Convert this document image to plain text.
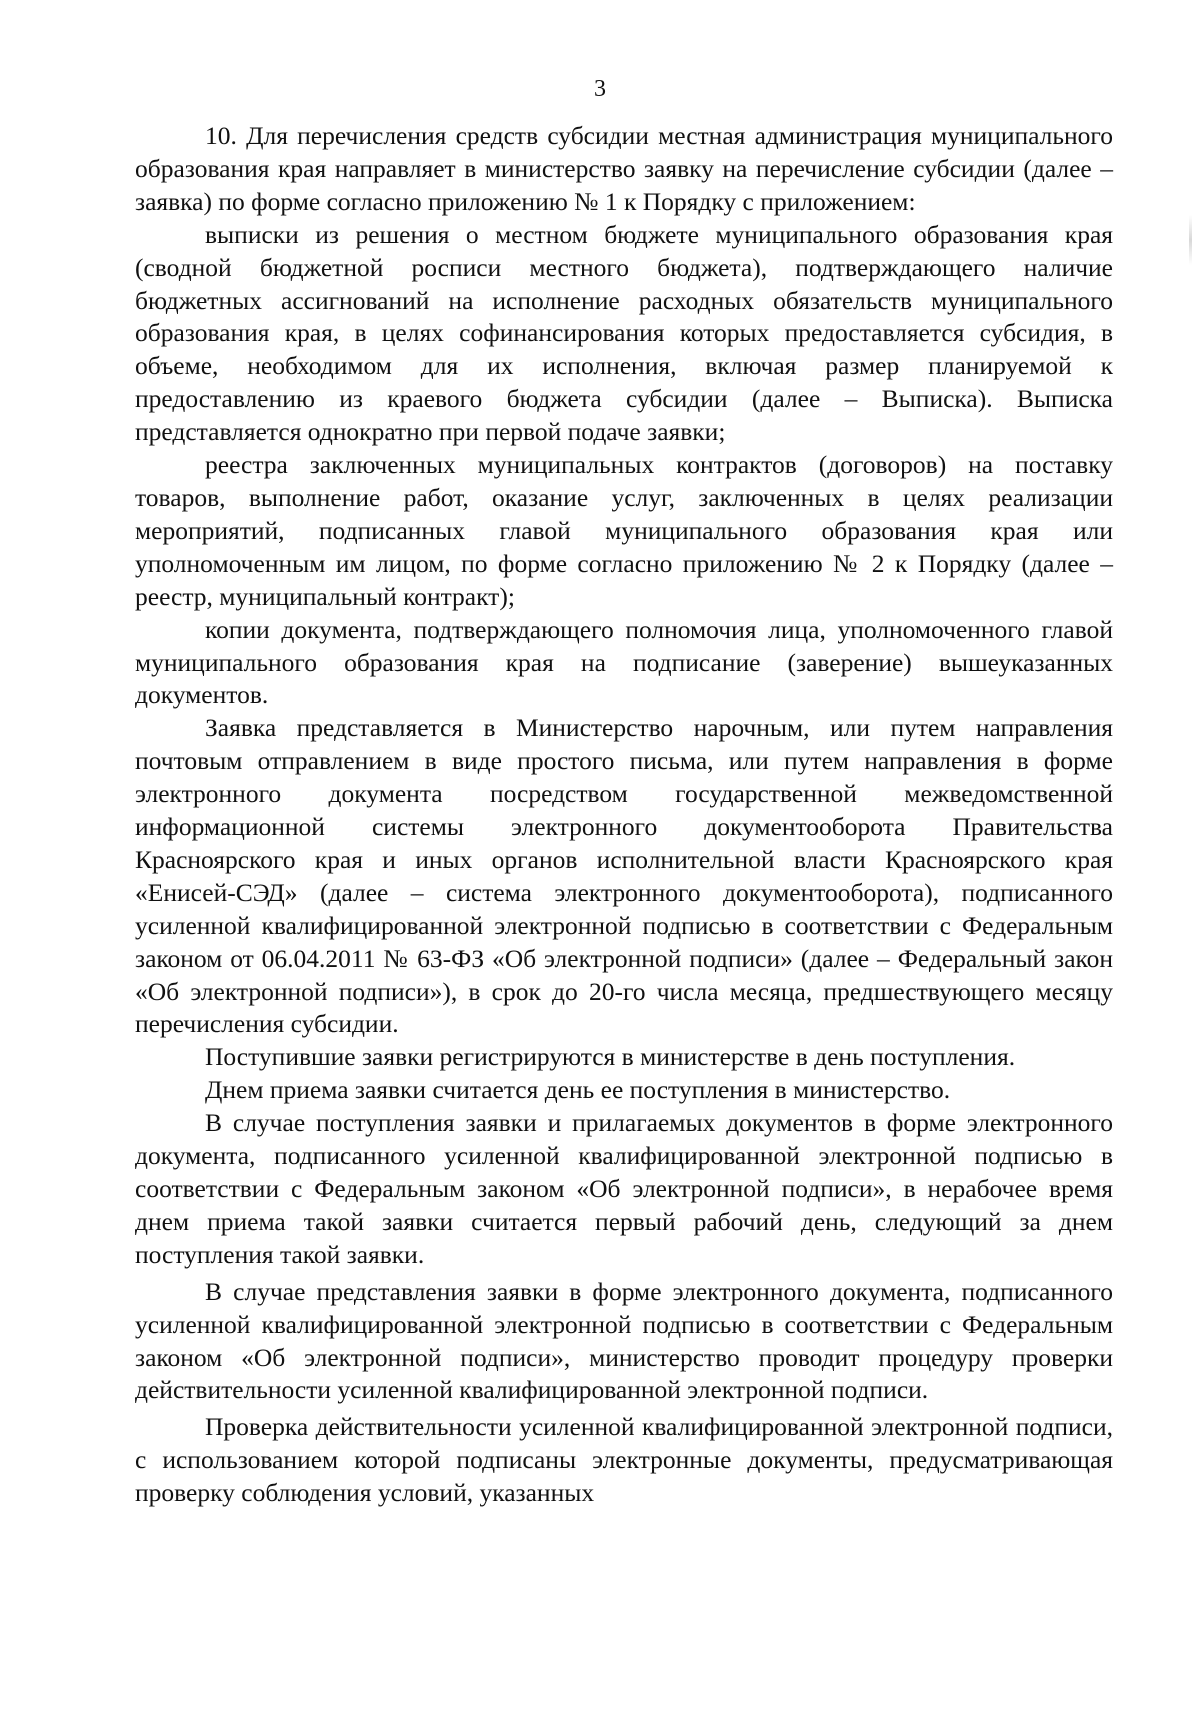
3

10. Для перечисления средств субсидии местная администрация муниципального образования края направляет в министерство заявку на перечисление субсидии (далее – заявка) по форме согласно приложению № 1 к Порядку с приложением:

выписки из решения о местном бюджете муниципального образования края (сводной бюджетной росписи местного бюджета), подтверждающего наличие бюджетных ассигнований на исполнение расходных обязательств муниципального образования края, в целях софинансирования которых предоставляется субсидия, в объеме, необходимом для их исполнения, включая размер планируемой к предоставлению из краевого бюджета субсидии (далее – Выписка). Выписка представляется однократно при первой подаче заявки;

реестра заключенных муниципальных контрактов (договоров) на поставку товаров, выполнение работ, оказание услуг, заключенных в целях реализации мероприятий, подписанных главой муниципального образования края или уполномоченным им лицом, по форме согласно приложению № 2 к Порядку (далее – реестр, муниципальный контракт);

копии документа, подтверждающего полномочия лица, уполномоченного главой муниципального образования края на подписание (заверение) вышеуказанных документов.

Заявка представляется в Министерство нарочным, или путем направления почтовым отправлением в виде простого письма, или путем направления в форме электронного документа посредством государственной межведомственной информационной системы электронного документооборота Правительства Красноярского края и иных органов исполнительной власти Красноярского края «Енисей-СЭД» (далее – система электронного документооборота), подписанного усиленной квалифицированной электронной подписью в соответствии с Федеральным законом от 06.04.2011 № 63-ФЗ «Об электронной подписи» (далее – Федеральный закон «Об электронной подписи»), в срок до 20-го числа месяца, предшествующего месяцу перечисления субсидии.

Поступившие заявки регистрируются в министерстве в день поступления.

Днем приема заявки считается день ее поступления в министерство.

В случае поступления заявки и прилагаемых документов в форме электронного документа, подписанного усиленной квалифицированной электронной подписью в соответствии с Федеральным законом «Об электронной подписи», в нерабочее время днем приема такой заявки считается первый рабочий день, следующий за днем поступления такой заявки.

В случае представления заявки в форме электронного документа, подписанного усиленной квалифицированной электронной подписью в соответствии с Федеральным законом «Об электронной подписи», министерство проводит процедуру проверки действительности усиленной квалифицированной электронной подписи.

Проверка действительности усиленной квалифицированной электронной подписи, с использованием которой подписаны электронные документы, предусматривающая проверку соблюдения условий, указанных
